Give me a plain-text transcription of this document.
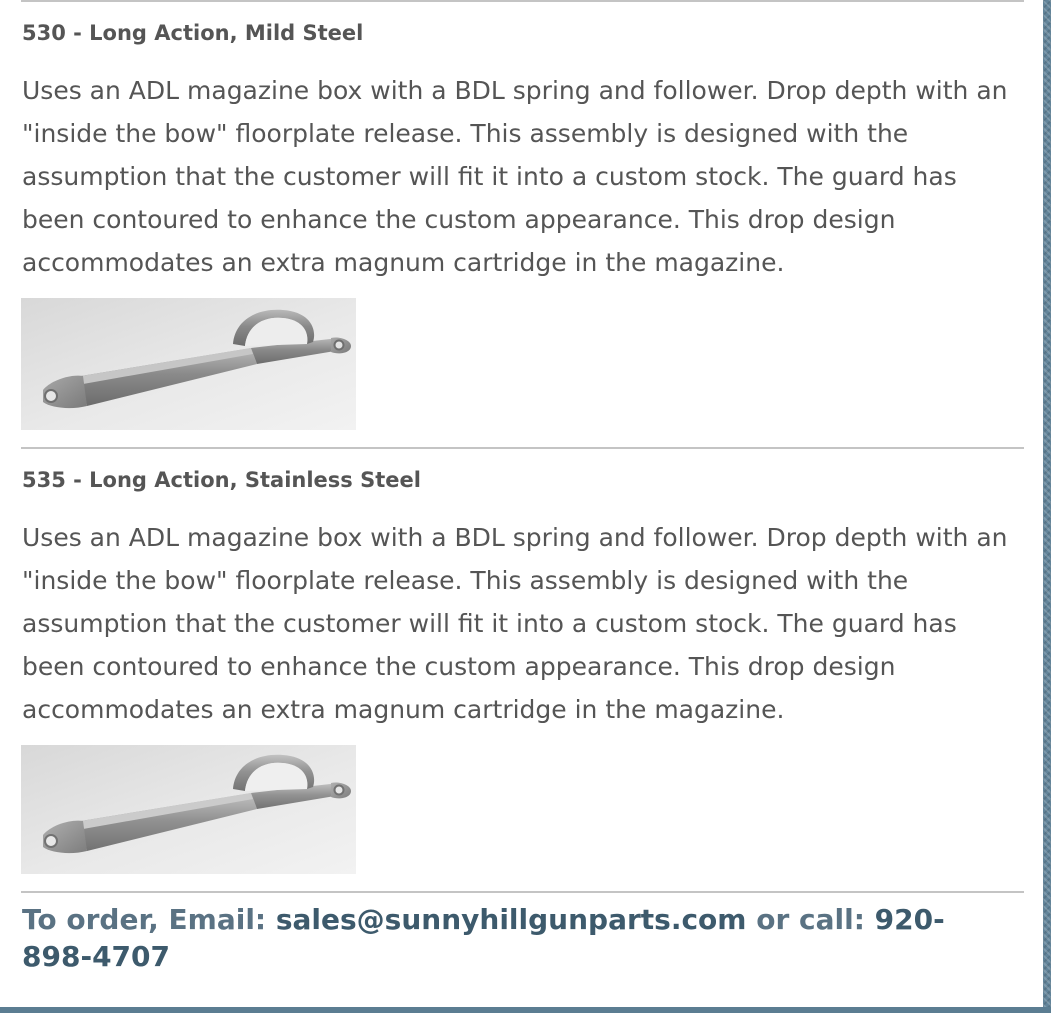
530 - Long Action, Mild Steel

Uses an ADL magazine box with a BDL spring and follower. Drop depth with an "inside the bow" floorplate release. This assembly is designed with the assumption that the customer will fit it into a custom stock. The guard has been contoured to enhance the custom appearance. This drop design accommodates an extra magnum cartridge in the magazine.

535 - Long Action, Stainless Steel

Uses an ADL magazine box with a BDL spring and follower. Drop depth with an "inside the bow" floorplate release. This assembly is designed with the assumption that the customer will fit it into a custom stock. The guard has been contoured to enhance the custom appearance. This drop design accommodates an extra magnum cartridge in the magazine.

To order, Email: sales@sunnyhillgunparts.com or call: 920-898-4707
